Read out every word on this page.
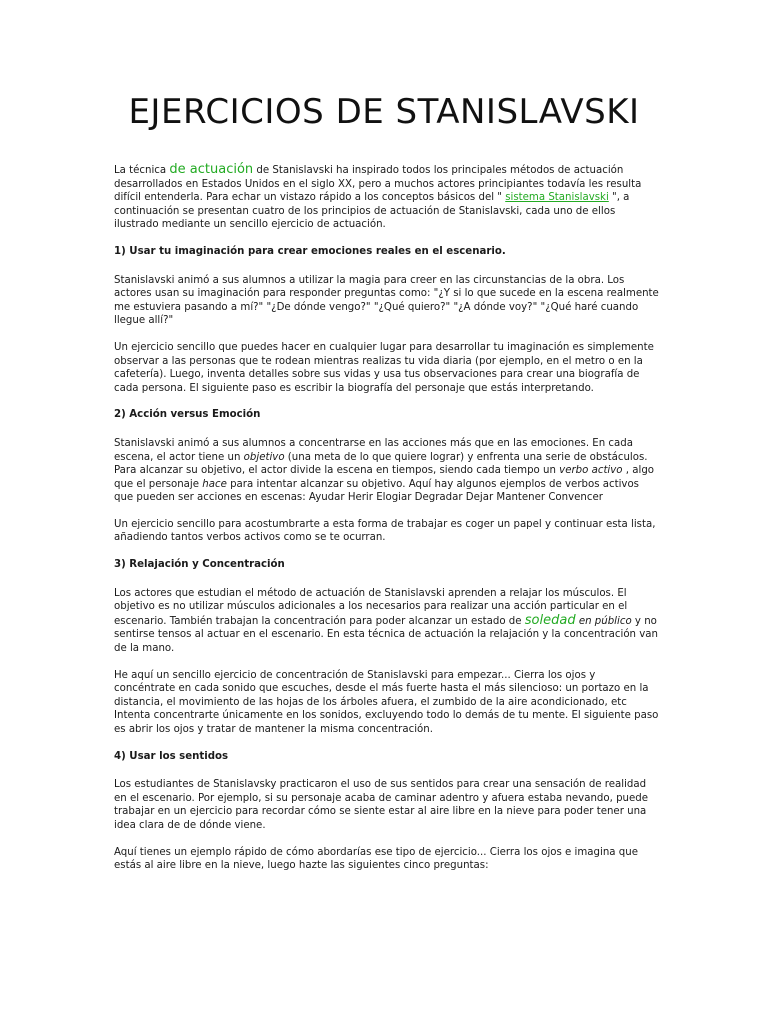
EJERCICIOS DE STANISLAVSKI

La técnica de actuación de Stanislavski ha inspirado todos los principales métodos de actuación desarrollados en Estados Unidos en el siglo XX, pero a muchos actores principiantes todavía les resulta difícil entenderla. Para echar un vistazo rápido a los conceptos básicos del " sistema Stanislavski ", a continuación se presentan cuatro de los principios de actuación de Stanislavski, cada uno de ellos ilustrado mediante un sencillo ejercicio de actuación.

1) Usar tu imaginación para crear emociones reales en el escenario.

Stanislavski animó a sus alumnos a utilizar la magia para creer en las circunstancias de la obra. Los actores usan su imaginación para responder preguntas como: "¿Y si lo que sucede en la escena realmente me estuviera pasando a mí?" "¿De dónde vengo?" "¿Qué quiero?" "¿A dónde voy?" "¿Qué haré cuando llegue allí?"

Un ejercicio sencillo que puedes hacer en cualquier lugar para desarrollar tu imaginación es simplemente observar a las personas que te rodean mientras realizas tu vida diaria (por ejemplo, en el metro o en la cafetería). Luego, inventa detalles sobre sus vidas y usa tus observaciones para crear una biografía de cada persona. El siguiente paso es escribir la biografía del personaje que estás interpretando.

2) Acción versus Emoción

Stanislavski animó a sus alumnos a concentrarse en las acciones más que en las emociones. En cada escena, el actor tiene un objetivo (una meta de lo que quiere lograr) y enfrenta una serie de obstáculos. Para alcanzar su objetivo, el actor divide la escena en tiempos, siendo cada tiempo un verbo activo , algo que el personaje hace para intentar alcanzar su objetivo. Aquí hay algunos ejemplos de verbos activos que pueden ser acciones en escenas: Ayudar Herir Elogiar Degradar Dejar Mantener Convencer

Un ejercicio sencillo para acostumbrarte a esta forma de trabajar es coger un papel y continuar esta lista, añadiendo tantos verbos activos como se te ocurran.

3) Relajación y Concentración

Los actores que estudian el método de actuación de Stanislavski aprenden a relajar los músculos. El objetivo es no utilizar músculos adicionales a los necesarios para realizar una acción particular en el escenario. También trabajan la concentración para poder alcanzar un estado de soledad en público y no sentirse tensos al actuar en el escenario. En esta técnica de actuación la relajación y la concentración van de la mano.

He aquí un sencillo ejercicio de concentración de Stanislavski para empezar... Cierra los ojos y concéntrate en cada sonido que escuches, desde el más fuerte hasta el más silencioso: un portazo en la distancia, el movimiento de las hojas de los árboles afuera, el zumbido de la aire acondicionado, etc Intenta concentrarte únicamente en los sonidos, excluyendo todo lo demás de tu mente. El siguiente paso es abrir los ojos y tratar de mantener la misma concentración.

4) Usar los sentidos

Los estudiantes de Stanislavsky practicaron el uso de sus sentidos para crear una sensación de realidad en el escenario. Por ejemplo, si su personaje acaba de caminar adentro y afuera estaba nevando, puede trabajar en un ejercicio para recordar cómo se siente estar al aire libre en la nieve para poder tener una idea clara de de dónde viene.

Aquí tienes un ejemplo rápido de cómo abordarías ese tipo de ejercicio... Cierra los ojos e imagina que estás al aire libre en la nieve, luego hazte las siguientes cinco preguntas:
